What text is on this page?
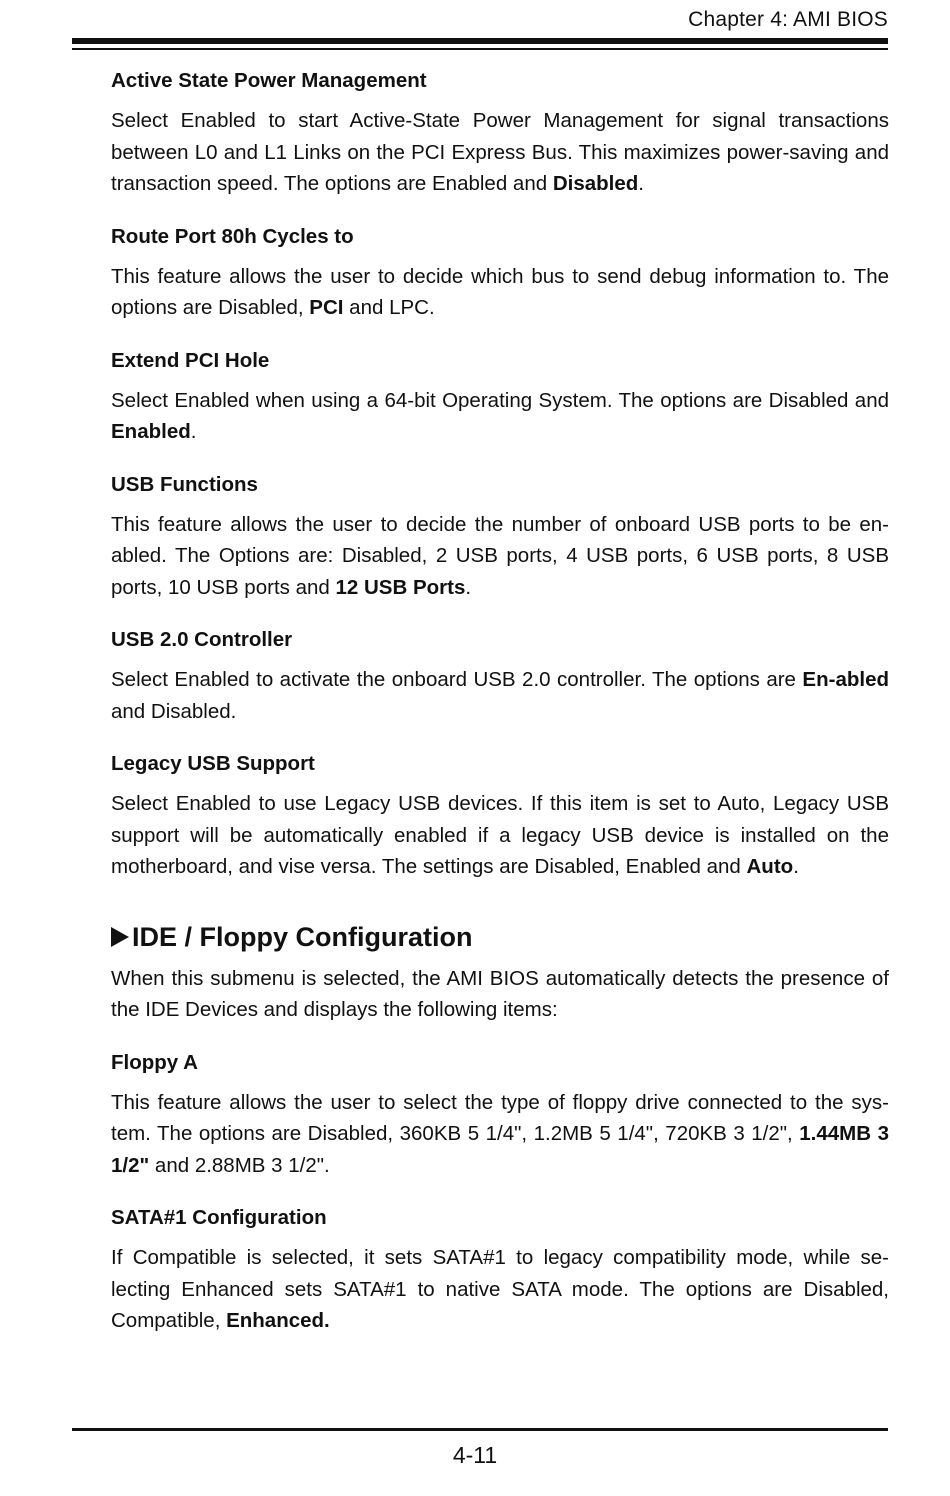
Chapter 4: AMI BIOS
Active State Power Management

Select Enabled to start Active-State Power Management for signal transactions between L0 and L1 Links on the PCI Express Bus. This maximizes power-saving and transaction speed. The options are Enabled and Disabled.

Route Port 80h Cycles to

This feature allows the user to decide which bus to send debug information to. The options are Disabled, PCI and LPC.

Extend PCI Hole

Select Enabled when using a 64-bit Operating System. The options are Disabled and Enabled.

USB Functions

This feature allows the user to decide the number of onboard USB ports to be en-abled. The Options are: Disabled, 2 USB ports, 4 USB ports, 6 USB ports, 8 USB ports, 10 USB ports and 12 USB Ports.

USB 2.0 Controller

Select Enabled to activate the onboard USB 2.0 controller. The options are En-abled and Disabled.

Legacy USB Support

Select Enabled to use Legacy USB devices. If this item is set to Auto, Legacy USB support will be automatically enabled if a legacy USB device is installed on the motherboard, and vise versa. The settings are Disabled, Enabled and Auto.

IDE / Floppy Configuration

When this submenu is selected, the AMI BIOS automatically detects the presence of the IDE Devices and displays the following items:

Floppy A

This feature allows the user to select the type of floppy drive connected to the sys-tem. The options are Disabled, 360KB 5 1/4", 1.2MB 5 1/4", 720KB 3 1/2", 1.44MB 3 1/2" and 2.88MB 3 1/2".

SATA#1 Configuration

If Compatible is selected, it sets SATA#1 to legacy compatibility mode, while se-lecting Enhanced sets SATA#1 to native SATA mode. The options are Disabled, Compatible, Enhanced.

4-11
